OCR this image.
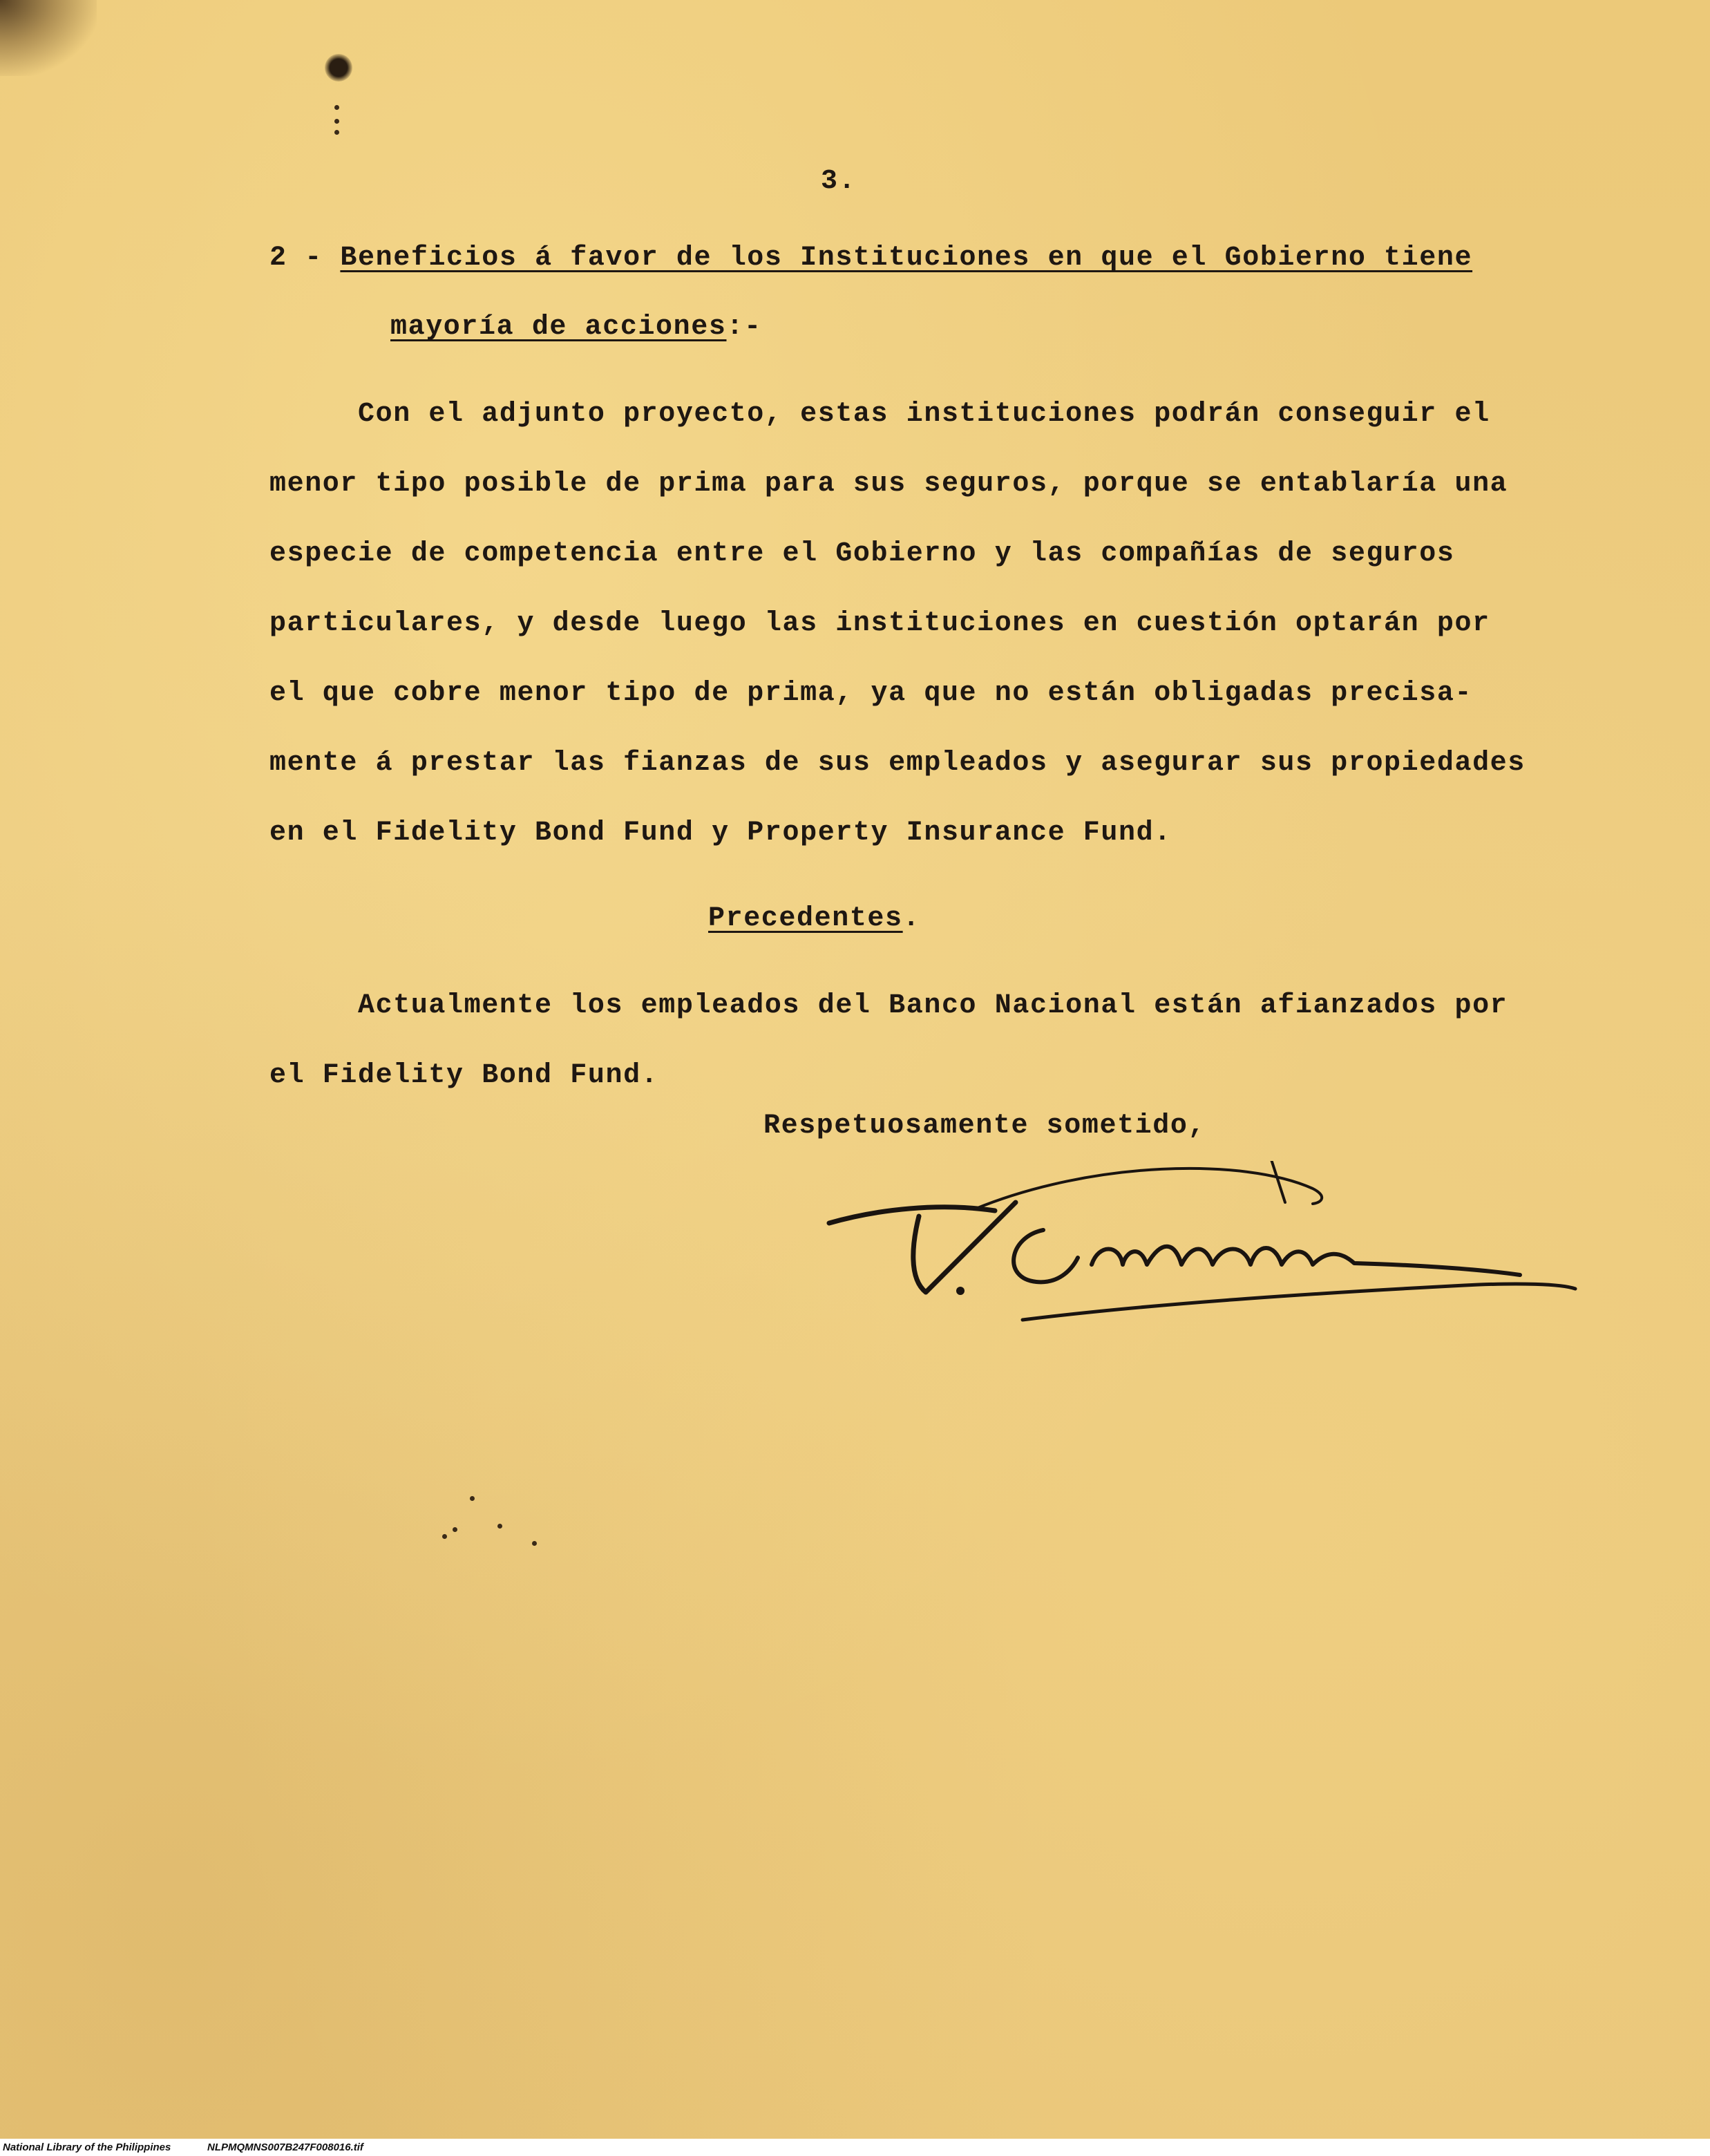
3.
2 - Beneficios á favor de los Instituciones en que el Gobierno tiene
mayoría de acciones:-
Con el adjunto proyecto, estas instituciones podrán conseguir el
menor tipo posible de prima para sus seguros, porque se entablaría una
especie de competencia entre el Gobierno y las compañías de seguros
particulares, y desde luego las instituciones en cuestión optarán por
el que cobre menor tipo de prima, ya que no están obligadas precisa-
mente á prestar las fianzas de sus empleados y asegurar sus propiedades
en el Fidelity Bond Fund y Property Insurance Fund.
Precedentes.
Actualmente los empleados del Banco Nacional están afianzados por
el Fidelity Bond Fund.
Respetuosamente sometido,
National Library of the Philippines	NLPMQMNS007B247F008016.tif
